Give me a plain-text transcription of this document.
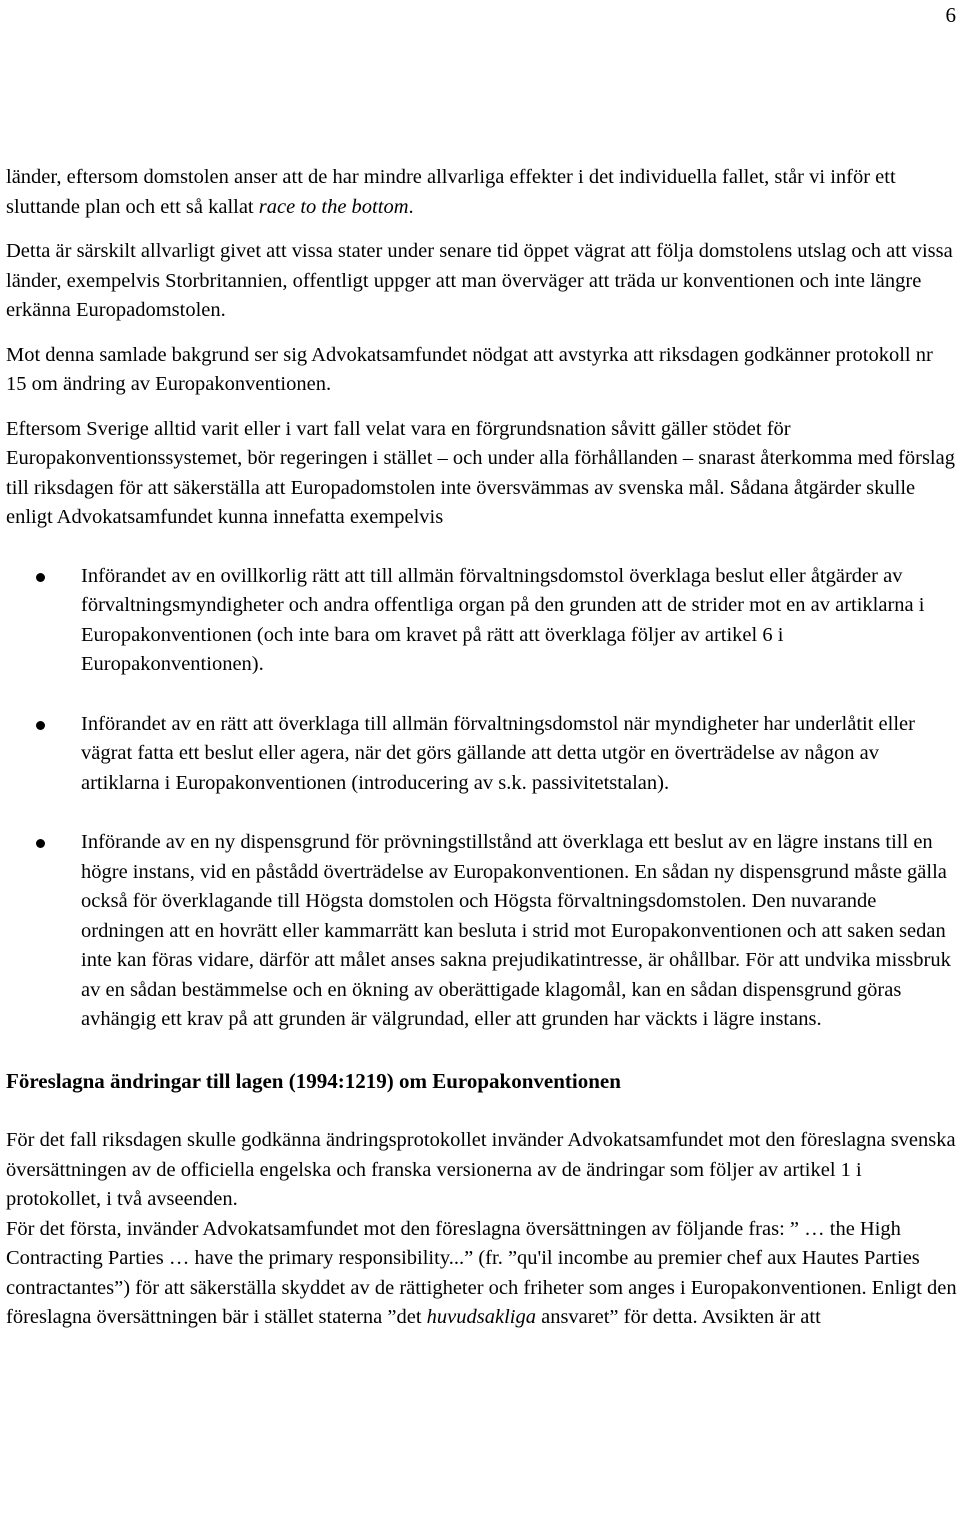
6

länder, eftersom domstolen anser att de har mindre allvarliga effekter i det individuella fallet, står vi inför ett sluttande plan och ett så kallat race to the bottom.

Detta är särskilt allvarligt givet att vissa stater under senare tid öppet vägrat att följa domstolens utslag och att vissa länder, exempelvis Storbritannien, offentligt uppger att man överväger att träda ur konventionen och inte längre erkänna Europadomstolen.

Mot denna samlade bakgrund ser sig Advokatsamfundet nödgat att avstyrka att riksdagen godkänner protokoll nr 15 om ändring av Europakonventionen.

Eftersom Sverige alltid varit eller i vart fall velat vara en förgrundsnation såvitt gäller stödet för Europakonventionssystemet, bör regeringen i stället – och under alla förhållanden – snarast återkomma med förslag till riksdagen för att säkerställa att Europadomstolen inte översvämmas av svenska mål. Sådana åtgärder skulle enligt Advokatsamfundet kunna innefatta exempelvis

Införandet av en ovillkorlig rätt att till allmän förvaltningsdomstol överklaga beslut eller åtgärder av förvaltningsmyndigheter och andra offentliga organ på den grunden att de strider mot en av artiklarna i Europakonventionen (och inte bara om kravet på rätt att överklaga följer av artikel 6 i Europakonventionen).
Införandet av en rätt att överklaga till allmän förvaltningsdomstol när myndigheter har underlåtit eller vägrat fatta ett beslut eller agera, när det görs gällande att detta utgör en överträdelse av någon av artiklarna i Europakonventionen (introducering av s.k. passivitetstalan).
Införande av en ny dispensgrund för prövningstillstånd att överklaga ett beslut av en lägre instans till en högre instans, vid en påstådd överträdelse av Europakonventionen. En sådan ny dispensgrund måste gälla också för överklagande till Högsta domstolen och Högsta förvaltningsdomstolen. Den nuvarande ordningen att en hovrätt eller kammarrätt kan besluta i strid mot Europakonventionen och att saken sedan inte kan föras vidare, därför att målet anses sakna prejudikatintresse, är ohållbar. För att undvika missbruk av en sådan bestämmelse och en ökning av oberättigade klagomål, kan en sådan dispensgrund göras avhängig ett krav på att grunden är välgrundad, eller att grunden har väckts i lägre instans.
Föreslagna ändringar till lagen (1994:1219) om Europakonventionen

För det fall riksdagen skulle godkänna ändringsprotokollet invänder Advokatsamfundet mot den föreslagna svenska översättningen av de officiella engelska och franska versionerna av de ändringar som följer av artikel 1 i protokollet, i två avseenden.

För det första, invänder Advokatsamfundet mot den föreslagna översättningen av följande fras: ” … the High Contracting Parties … have the primary responsibility...” (fr. ”qu'il incombe au premier chef aux Hautes Parties contractantes”) för att säkerställa skyddet av de rättigheter och friheter som anges i Europakonventionen. Enligt den föreslagna översättningen bär i stället staterna ”det huvudsakliga ansvaret” för detta. Avsikten är att
